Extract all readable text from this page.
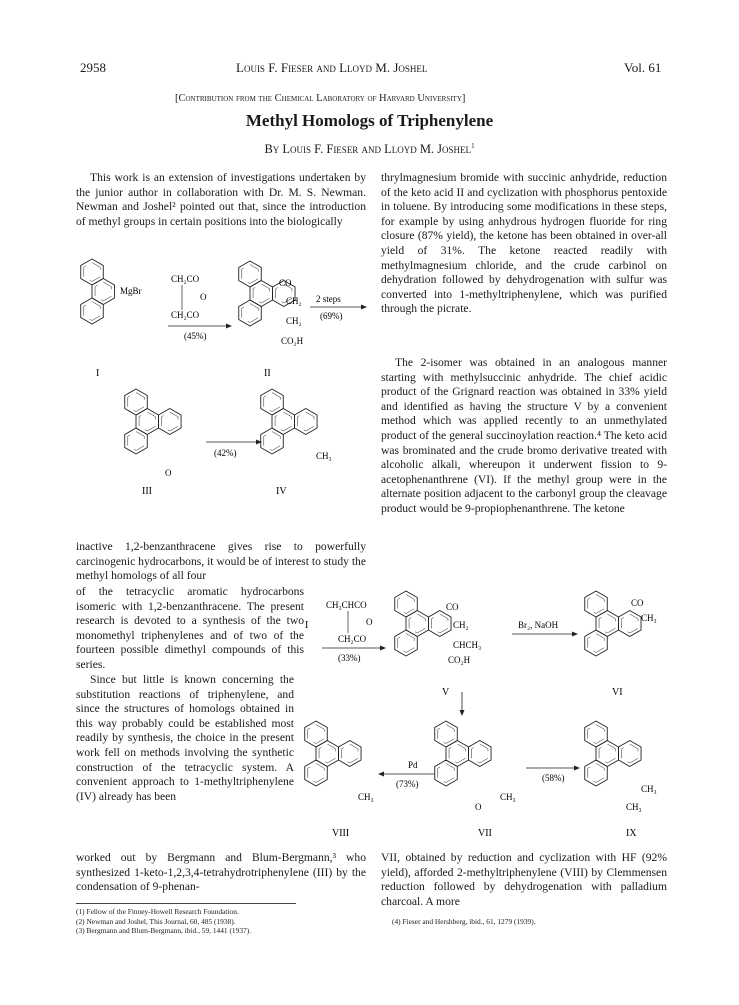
2958	Louis F. Fieser and Lloyd M. Joshel	Vol. 61
[Contribution from the Chemical Laboratory of Harvard University]
Methyl Homologs of Triphenylene
By Louis F. Fieser and Lloyd M. Joshel$^1$
This work is an extension of investigations undertaken by the junior author in collaboration with Dr. M. S. Newman. Newman and Joshel² pointed out that, since the introduction of methyl groups in certain positions into the biologically
inactive 1,2-benzanthracene gives rise to powerfully carcinogenic hydrocarbons, it would be of interest to study the methyl homologs of all four
of the tetracyclic aromatic hydrocarbons isomeric with 1,2-benzanthracene. The present research is devoted to a synthesis of the two monomethyl triphenylenes and of two of the fourteen possible dimethyl compounds of this series.
Since but little is known concerning the substitution reactions of triphenylene, and since the structures of homologs obtained in this way probably could be established most readily by synthesis, the choice in the present work fell on methods involving the synthetic construction of the tetracyclic system. A convenient approach to 1-methyltriphenylene (IV) already has been
worked out by Bergmann and Blum-Bergmann,³ who synthesized 1-keto-1,2,3,4-tetrahydrotriphenylene (III) by the condensation of 9-phenan-
thrylmagnesium bromide with succinic anhydride, reduction of the keto acid II and cyclization with phosphorus pentoxide in toluene. By introducing some modifications in these steps, for example by using anhydrous hydrogen fluoride for ring closure (87% yield), the ketone has been obtained in over-all yield of 31%. The ketone reacted readily with methylmagnesium chloride, and the crude carbinol on dehydration followed by dehydrogenation with sulfur was converted into 1-methyltriphenylene, which was purified through the picrate.
The 2-isomer was obtained in an analogous manner starting with methylsuccinic anhydride. The chief acidic product of the Grignard reaction was obtained in 33% yield and identified as having the structure V by a convenient method which was applied recently to an unmethylated product of the general succinoylation reaction.⁴ The keto acid was brominated and the crude bromo derivative treated with alcoholic alkali, whereupon it underwent fission to 9-acetophenanthrene (VI). If the methyl group were in the alternate position adjacent to the carbonyl group the cleavage product would be 9-propiophenanthrene. The ketone
VII, obtained by reduction and cyclization with HF (92% yield), afforded 2-methyltriphenylene (VIII) by Clemmensen reduction followed by dehydrogenation with palladium charcoal. A more
(1) Fellow of the Finney-Howell Research Foundation.
(2) Newman and Joshel, This Journal, 60, 485 (1938).
(3) Bergmann and Blum-Bergmann, ibid., 59, 1441 (1937).
(4) Fieser and Hershberg, ibid., 61, 1279 (1939).
MgBr
CH₂CO
O
CH₂CO
(45%)
CO
CH₂
CH₂
CO₂H
2 steps
(69%)
I	II
O
(42%)	CH₃
III	IV
I
CH₃CHCO
O
CH₂CO
(33%)
CO
CH₂
CHCH₃
CO₂H
Br₂, NaOH
CO
CH₃
V	VI
CH₃
Pd
(73%)
O
CH₃
(58%)
CH₃
CH₃
VIII	VII	IX
